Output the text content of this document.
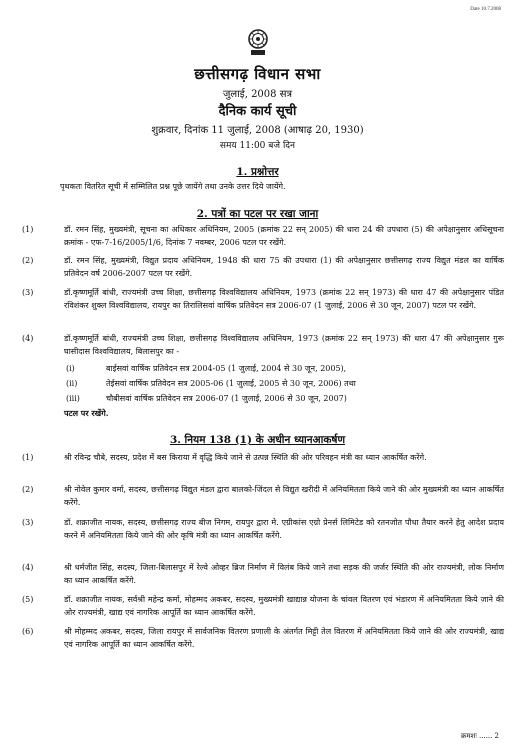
Date 10.7.2008
छत्तीसगढ़ विधान सभा
जुलाई, 2008 सत्र
दैनिक कार्य सूची
शुक्रवार, दिनांक 11 जुलाई, 2008 (आषाढ़ 20, 1930)
समय 11:00 बजे दिन
1. प्रश्नोत्तर
पृथकतः वितरित सूची में सम्मिलित प्रश्न पूछे जायेंगे तथा उनके उत्तर दिये जायेंगे.
2. पत्रों का पटल पर रखा जाना
(1)	डॉ. रमन सिंह, मुख्यमंत्री, सूचना का अधिकार अधिनियम, 2005 (क्रमांक 22 सन् 2005) की धारा 24 की उपधारा (5) की अपेक्षानुसार अधिसूचना क्रमांक - एफ-7-16/2005/1/6, दिनांक 7 नवम्बर, 2006 पटल पर रखेंगे.
(2)	डॉ. रमन सिंह, मुख्यमंत्री, विद्युत प्रदाय अधिनियम, 1948 की धारा 75 की उपधारा (1) की अपेक्षानुसार छत्तीसगढ़ राज्य विद्युत मंडल का वार्षिक प्रतिवेदन वर्ष 2006-2007 पटल पर रखेंगे.
(3)	डॉ.कृष्णमूर्ति बांधी, राज्यमंत्री उच्च शिक्षा, छत्तीसगढ़ विश्वविद्यालय अधिनियम, 1973 (क्रमांक 22 सन् 1973) की धारा 47 की अपेक्षानुसार पंडित रविशंकर शुक्ल विश्वविद्यालय, रायपुर का तिरालिसवां वार्षिक प्रतिवेदन सत्र 2006-07 (1 जुलाई, 2006 से 30 जून, 2007) पटल पर रखेंगे.
(4)	डॉ.कृष्णमूर्ति बांधी, राज्यमंत्री उच्च शिक्षा, छत्तीसगढ़ विश्वविद्यालय अधिनियम, 1973 (क्रमांक 22 सन् 1973) की धारा 47 की अपेक्षानुसार गुरू घासीदास विश्वविद्यालय, बिलासपुर का -
(i)	बाईसवां वार्षिक प्रतिवेदन सत्र 2004-05 (1 जुलाई, 2004 से 30 जून, 2005),
(ii)	तेईसवां वार्षिक प्रतिवेदन सत्र 2005-06 (1 जुलाई, 2005 से 30 जून, 2006) तथा
(iii)	चौबीसवां वार्षिक प्रतिवेदन सत्र 2006-07 (1 जुलाई, 2006 से 30 जून, 2007)
पटल पर रखेंगे.
3. नियम 138 (1) के अधीन ध्यानआकर्षण
(1)	श्री रविन्द्र चौबे, सदस्य, प्रदेश में बस किराया में वृद्धि किये जाने से उत्पन्न स्थिति की ओर परिवहन मंत्री का ध्यान आकर्षित करेंगे.
(2)	श्री नोवेल कुमार वर्मा, सदस्य, छत्तीसगढ़ विद्युत मंडल द्वारा बालको-जिंदल से विद्युत खरीदी में अनियमितता किये जाने की ओर मुख्यमंत्री का ध्यान आकर्षित करेंगे.
(3)	डॉ. शक्राजीत नायक, सदस्य, छत्तीसगढ़ राज्य बीज निगम, रायपुर द्वारा मे. एग्रीकांस एग्रो प्रेनर्स लिमिटेड को रतनजोत पौधा तैयार करने हेतु आदेश प्रदाय करने में अनियमितता किये जाने की ओर कृषि मंत्री का ध्यान आकर्षित करेंगे.
(4)	श्री धर्मजीत सिंह, सदस्य, जिला-बिलासपुर में रेल्वे ओव्हर ब्रिज निर्माण में विलंब किये जाने तथा सड़क की जर्जर स्थिति की ओर राज्यमंत्री, लोक निर्माण का ध्यान आकर्षित करेंगे.
(5)	डॉ. शक्राजीत नायक, सर्वश्री महेन्द्र कर्मा, मोहम्मद अकबर, सदस्य, मुख्यमंत्री खाद्यान्न योजना के चांवल वितरण एवं भंडारण में अनियमितता किये जाने की ओर राज्यमंत्री, खाद्य एवं नागरिक आपूर्ति का ध्यान आकर्षित करेंगे.
(6)	श्री मोहम्मद अकबर, सदस्य, जिला रायपुर में सार्वजनिक वितरण प्रणाली के अंतर्गत मिट्टी तेल वितरण में अनियमितता किये जाने की ओर राज्यमंत्री, खाद्य एवं नागरिक आपूर्ति का ध्यान आकर्षित करेंगे.
क्रमशः ...... 2
